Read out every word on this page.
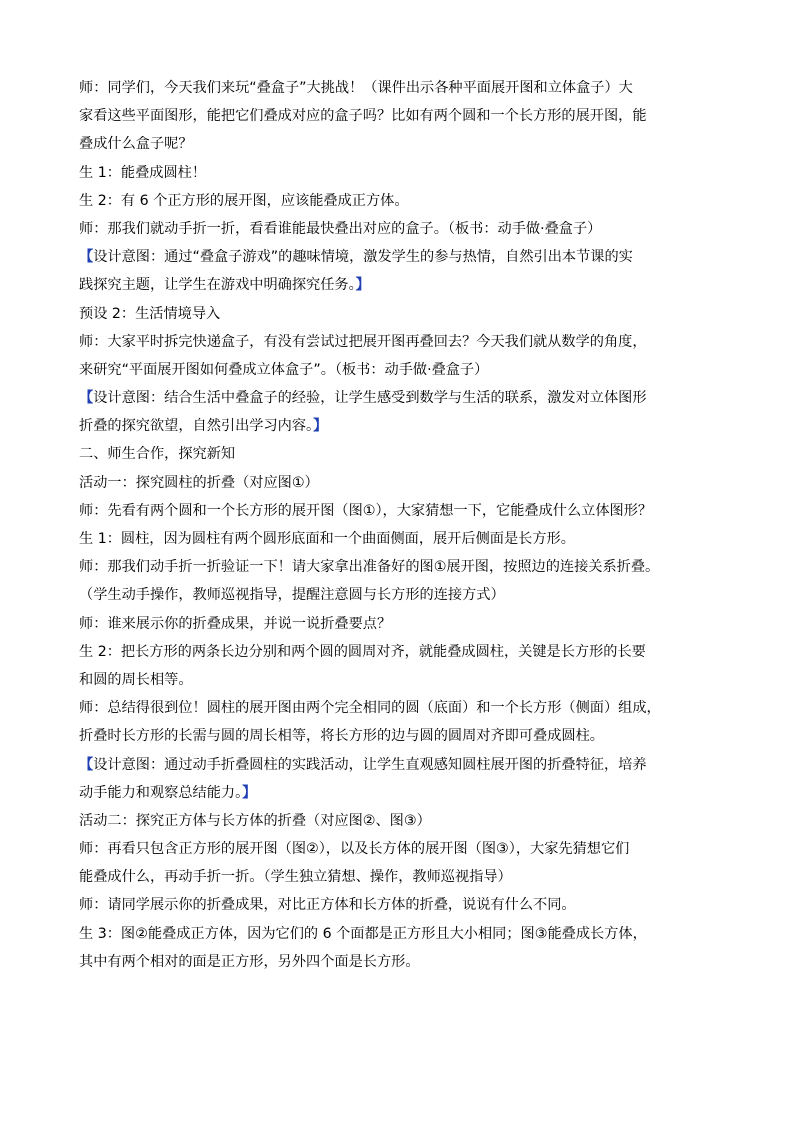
师：同学们，今天我们来玩“叠盒子”大挑战！（课件出示各种平面展开图和立体盒子）大
家看这些平面图形，能把它们叠成对应的盒子吗？比如有两个圆和一个长方形的展开图，能
叠成什么盒子呢？
生 1：能叠成圆柱！
生 2：有 6 个正方形的展开图，应该能叠成正方体。
师：那我们就动手折一折，看看谁能最快叠出对应的盒子。（板书：动手做·叠盒子）
【设计意图：通过“叠盒子游戏”的趣味情境，激发学生的参与热情，自然引出本节课的实
践探究主题，让学生在游戏中明确探究任务。】
预设 2：生活情境导入
师：大家平时拆完快递盒子，有没有尝试过把展开图再叠回去？今天我们就从数学的角度，
来研究“平面展开图如何叠成立体盒子”。（板书：动手做·叠盒子）
【设计意图：结合生活中叠盒子的经验，让学生感受到数学与生活的联系，激发对立体图形
折叠的探究欲望，自然引出学习内容。】
二、师生合作，探究新知
活动一：探究圆柱的折叠（对应图①）
师：先看有两个圆和一个长方形的展开图（图①），大家猜想一下，它能叠成什么立体图形？
生 1：圆柱，因为圆柱有两个圆形底面和一个曲面侧面，展开后侧面是长方形。
师：那我们动手折一折验证一下！请大家拿出准备好的图①展开图，按照边的连接关系折叠。
（学生动手操作，教师巡视指导，提醒注意圆与长方形的连接方式）
师：谁来展示你的折叠成果，并说一说折叠要点？
生 2：把长方形的两条长边分别和两个圆的圆周对齐，就能叠成圆柱，关键是长方形的长要
和圆的周长相等。
师：总结得很到位！圆柱的展开图由两个完全相同的圆（底面）和一个长方形（侧面）组成，
折叠时长方形的长需与圆的周长相等，将长方形的边与圆的圆周对齐即可叠成圆柱。
【设计意图：通过动手折叠圆柱的实践活动，让学生直观感知圆柱展开图的折叠特征，培养
动手能力和观察总结能力。】
活动二：探究正方体与长方体的折叠（对应图②、图③）
师：再看只包含正方形的展开图（图②），以及长方体的展开图（图③），大家先猜想它们
能叠成什么，再动手折一折。（学生独立猜想、操作，教师巡视指导）
师：请同学展示你的折叠成果，对比正方体和长方体的折叠，说说有什么不同。
生 3：图②能叠成正方体，因为它们的 6 个面都是正方形且大小相同；图③能叠成长方体，
其中有两个相对的面是正方形，另外四个面是长方形。
